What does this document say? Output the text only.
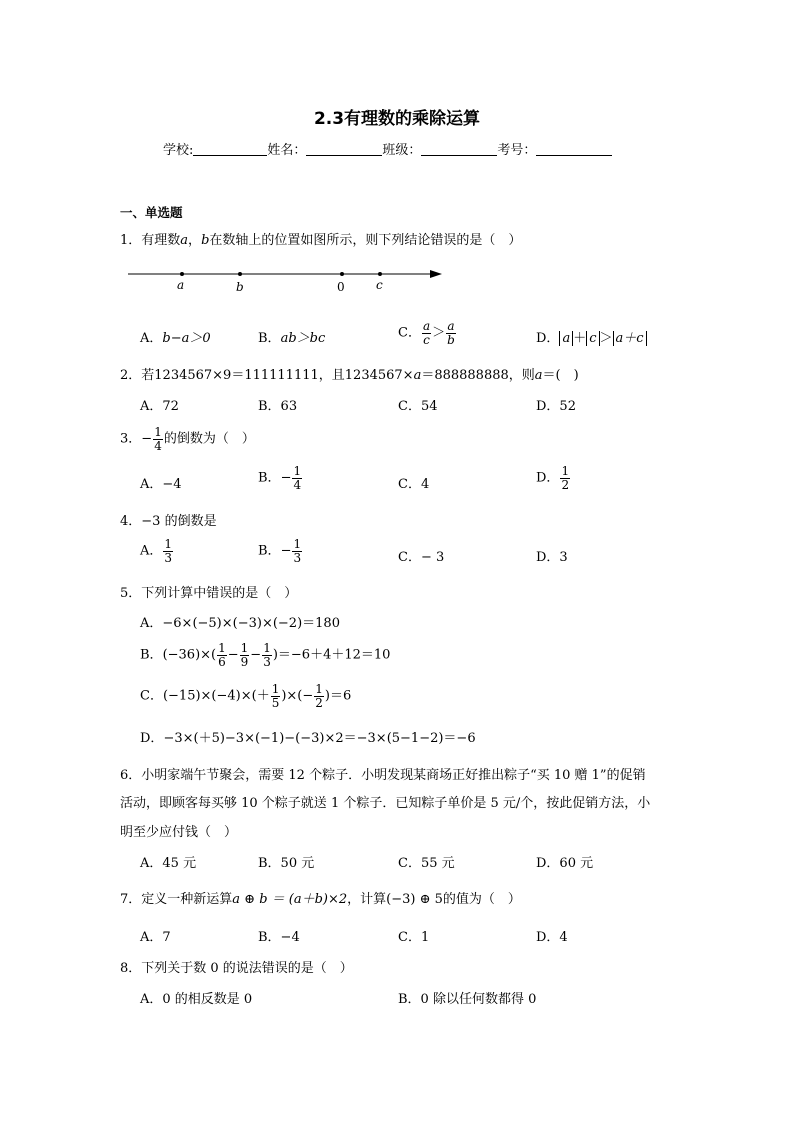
2.3有理数的乘除运算
学校:	姓名：	班级：	考号：
一、单选题
1．有理数a，b在数轴上的位置如图所示，则下列结论错误的是（　）
a	b	0	c
A．b−a＞0	B．ab＞bc	C． $\frac{a}{c} > \frac{a}{b}$	D． a ＋ c ＞ a＋c
2．若1234567×9＝111111111，且1234567×a＝888888888，则a＝(　)
A．72	B．63	C．54	D．52
3．− $\frac{1}{4}$ 的倒数为（　）
A．−4	B．− $\frac{1}{4}$	C．4	D． $\frac{1}{2}$
4．−3 的倒数是
A． $\frac{1}{3}$	B．− $\frac{1}{3}$	C．− 3	D．3
5．下列计算中错误的是（　）
A．−6×(−5)×(−3)×(−2)＝180
B．$(-36)\times( \frac{1}{6} - \frac{1}{9} - \frac{1}{3} )=-6+4+12=10$
C．$(-15)\times(-4)\times(+ \frac{1}{5}$ )×(− $\frac{1}{2} )=6$
D．−3×(＋5)−3×(−1)−(−3)×2＝−3×(5−1−2)＝−6
6．小明家端午节聚会，需要 12 个粽子．小明发现某商场正好推出粽子“买 10 赠 1”的促销
活动，即顾客每买够 10 个粽子就送 1 个粽子．已知粽子单价是 5 元/个，按此促销方法，小
明至少应付钱（　）
A．45 元	B．50 元	C．55 元	D．60 元
7．定义一种新运算a ⊕ b ＝ (a＋b)×2，计算(−3) ⊕ 5的值为（　）
A．7	B．−4	C．1	D．4
8．下列关于数 0 的说法错误的是（　）
A．0 的相反数是 0	B．0 除以任何数都得 0
